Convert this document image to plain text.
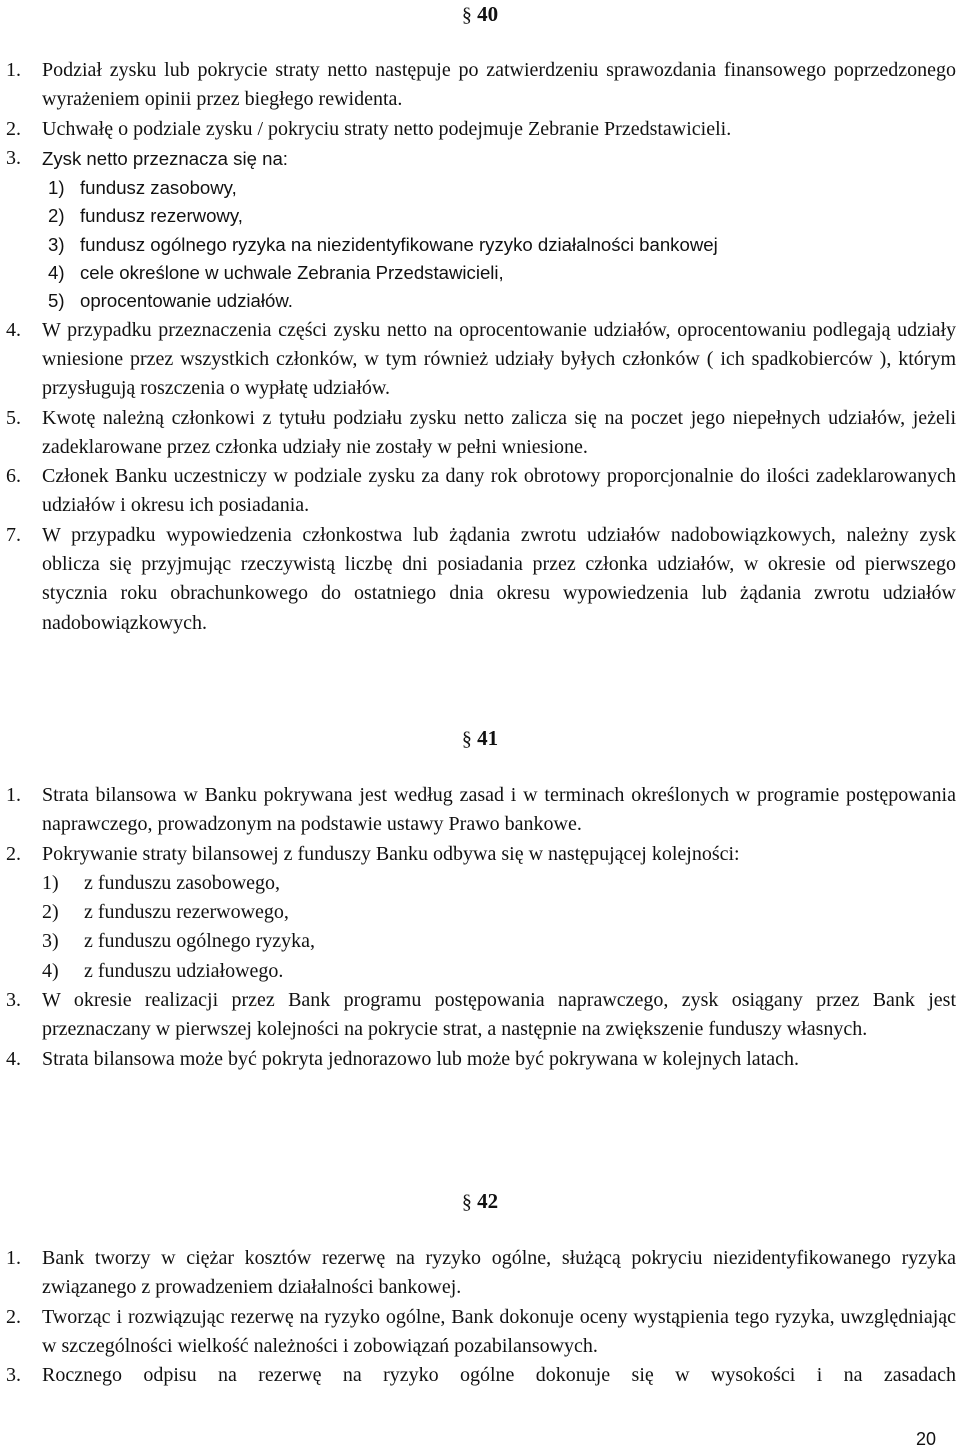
§ 40
1. Podział zysku lub pokrycie straty netto następuje po zatwierdzeniu sprawozdania finansowego poprzedzonego wyrażeniem opinii przez biegłego rewidenta.
2. Uchwałę o podziale zysku / pokryciu straty netto podejmuje Zebranie Przedstawicieli.
3. Zysk netto przeznacza się na:
1) fundusz zasobowy,
2) fundusz rezerwowy,
3) fundusz ogólnego ryzyka na niezidentyfikowane ryzyko działalności bankowej
4) cele określone w uchwale Zebrania Przedstawicieli,
5) oprocentowanie udziałów.
4. W przypadku przeznaczenia części zysku netto na oprocentowanie udziałów, oprocentowaniu podlegają udziały wniesione przez wszystkich członków, w tym również udziały byłych członków ( ich spadkobierców ), którym przysługują roszczenia o wypłatę udziałów.
5. Kwotę należną członkowi z tytułu podziału zysku netto zalicza się na poczet jego niepełnych udziałów, jeżeli zadeklarowane przez członka udziały nie zostały w pełni wniesione.
6. Członek Banku uczestniczy w podziale zysku za dany rok obrotowy proporcjonalnie do ilości zadeklarowanych udziałów i okresu ich posiadania.
7. W przypadku wypowiedzenia członkostwa lub żądania zwrotu udziałów nadobowiązkowych, należny zysk oblicza się przyjmując rzeczywistą liczbę dni posiadania przez członka udziałów, w okresie od pierwszego stycznia roku obrachunkowego do ostatniego dnia okresu wypowiedzenia lub żądania zwrotu udziałów nadobowiązkowych.
§ 41
1. Strata bilansowa w Banku pokrywana jest według zasad i w terminach określonych w programie postępowania naprawczego, prowadzonym na podstawie ustawy Prawo bankowe.
2. Pokrywanie straty bilansowej z funduszy Banku odbywa się w następującej kolejności:
1) z funduszu zasobowego,
2) z funduszu rezerwowego,
3) z funduszu ogólnego ryzyka,
4) z funduszu udziałowego.
3. W okresie realizacji przez Bank programu postępowania naprawczego, zysk osiągany przez Bank jest przeznaczany w pierwszej kolejności na pokrycie strat, a następnie na zwiększenie funduszy własnych.
4. Strata bilansowa może być pokryta jednorazowo lub może być pokrywana w kolejnych latach.
§ 42
1. Bank tworzy w ciężar kosztów rezerwę na ryzyko ogólne, służącą pokryciu niezidentyfikowanego ryzyka związanego z prowadzeniem działalności bankowej.
2. Tworząc i rozwiązując rezerwę na ryzyko ogólne, Bank dokonuje oceny wystąpienia tego ryzyka, uwzględniając w szczególności wielkość należności i zobowiązań pozabilansowych.
3. Rocznego odpisu na rezerwę na ryzyko ogólne dokonuje się w wysokości i na zasadach
20
